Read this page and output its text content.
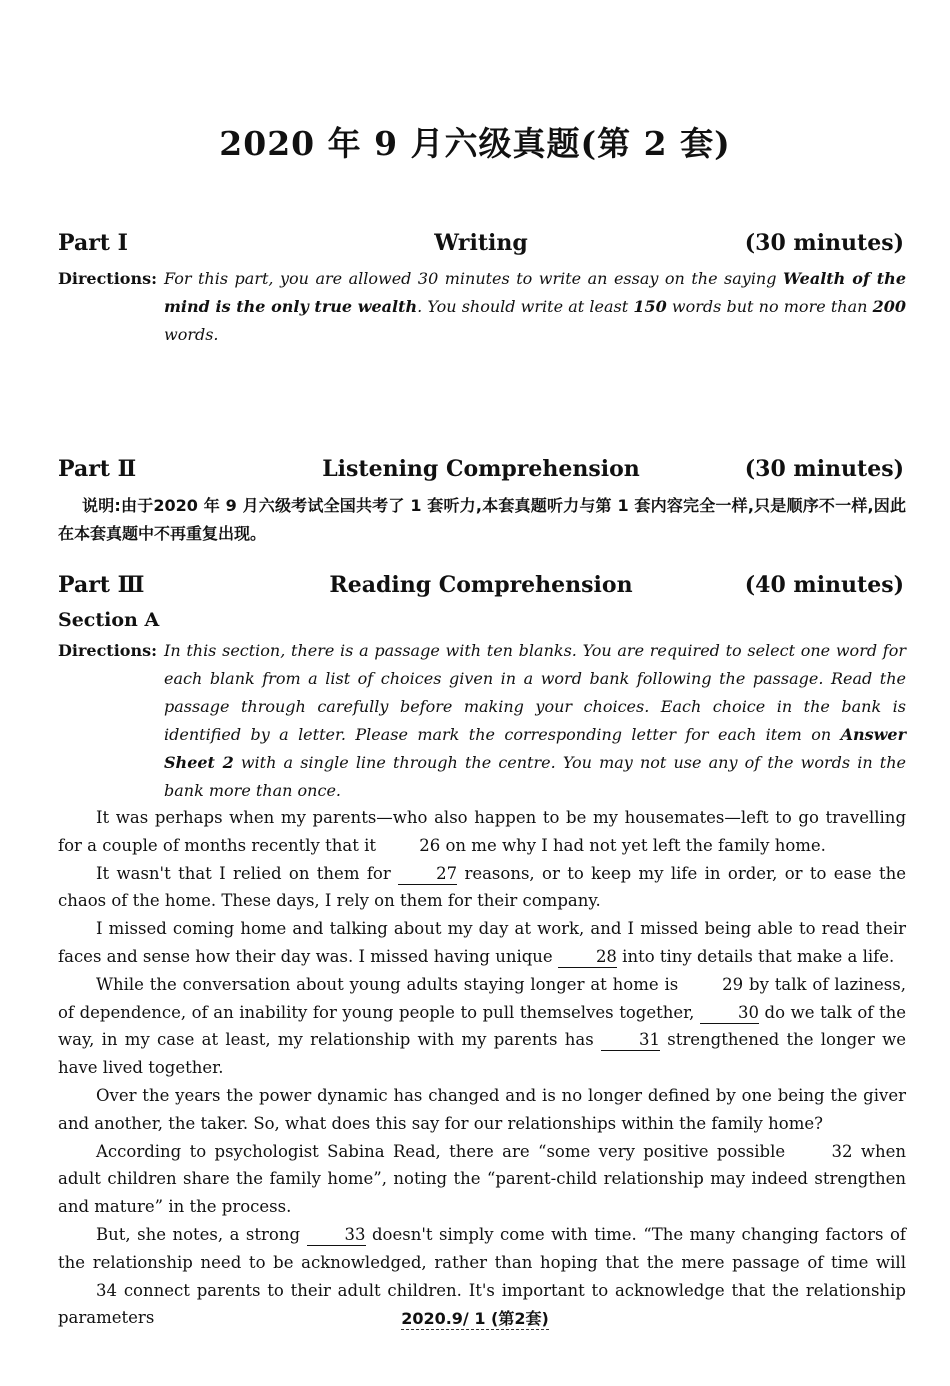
2020 年 9 月六级真题(第 2 套)
Part Ⅰ	Writing	(30 minutes)
Directions: For this part, you are allowed 30 minutes to write an essay on the saying Wealth of the mind is the only true wealth. You should write at least 150 words but no more than 200 words.
Part Ⅱ	Listening Comprehension	(30 minutes)
说明:由于2020 年 9 月六级考试全国共考了 1 套听力,本套真题听力与第 1 套内容完全一样,只是顺序不一样,因此在本套真题中不再重复出现。
Part Ⅲ	Reading Comprehension	(40 minutes)
Section A
Directions: In this section, there is a passage with ten blanks. You are required to select one word for each blank from a list of choices given in a word bank following the passage. Read the passage through carefully before making your choices. Each choice in the bank is identified by a letter. Please mark the corresponding letter for each item on Answer Sheet 2 with a single line through the centre. You may not use any of the words in the bank more than once.

It was perhaps when my parents—who also happen to be my housemates—left to go travelling for a couple of months recently that it 26 on me why I had not yet left the family home.

It wasn't that I relied on them for 27 reasons, or to keep my life in order, or to ease the chaos of the home. These days, I rely on them for their company.

I missed coming home and talking about my day at work, and I missed being able to read their faces and sense how their day was. I missed having unique 28 into tiny details that make a life.

While the conversation about young adults staying longer at home is 29 by talk of laziness, of dependence, of an inability for young people to pull themselves together, 30 do we talk of the way, in my case at least, my relationship with my parents has 31 strengthened the longer we have lived together.

Over the years the power dynamic has changed and is no longer defined by one being the giver and another, the taker. So, what does this say for our relationships within the family home?

According to psychologist Sabina Read, there are “some very positive possible 32 when adult children share the family home”, noting the “parent-child relationship may indeed strengthen and mature” in the process.

But, she notes, a strong 33 doesn't simply come with time. “The many changing factors of the relationship need to be acknowledged, rather than hoping that the mere passage of time will 34 connect parents to their adult children. It's important to acknowledge that the relationship parameters	2020.9/ 1 (第2套)
